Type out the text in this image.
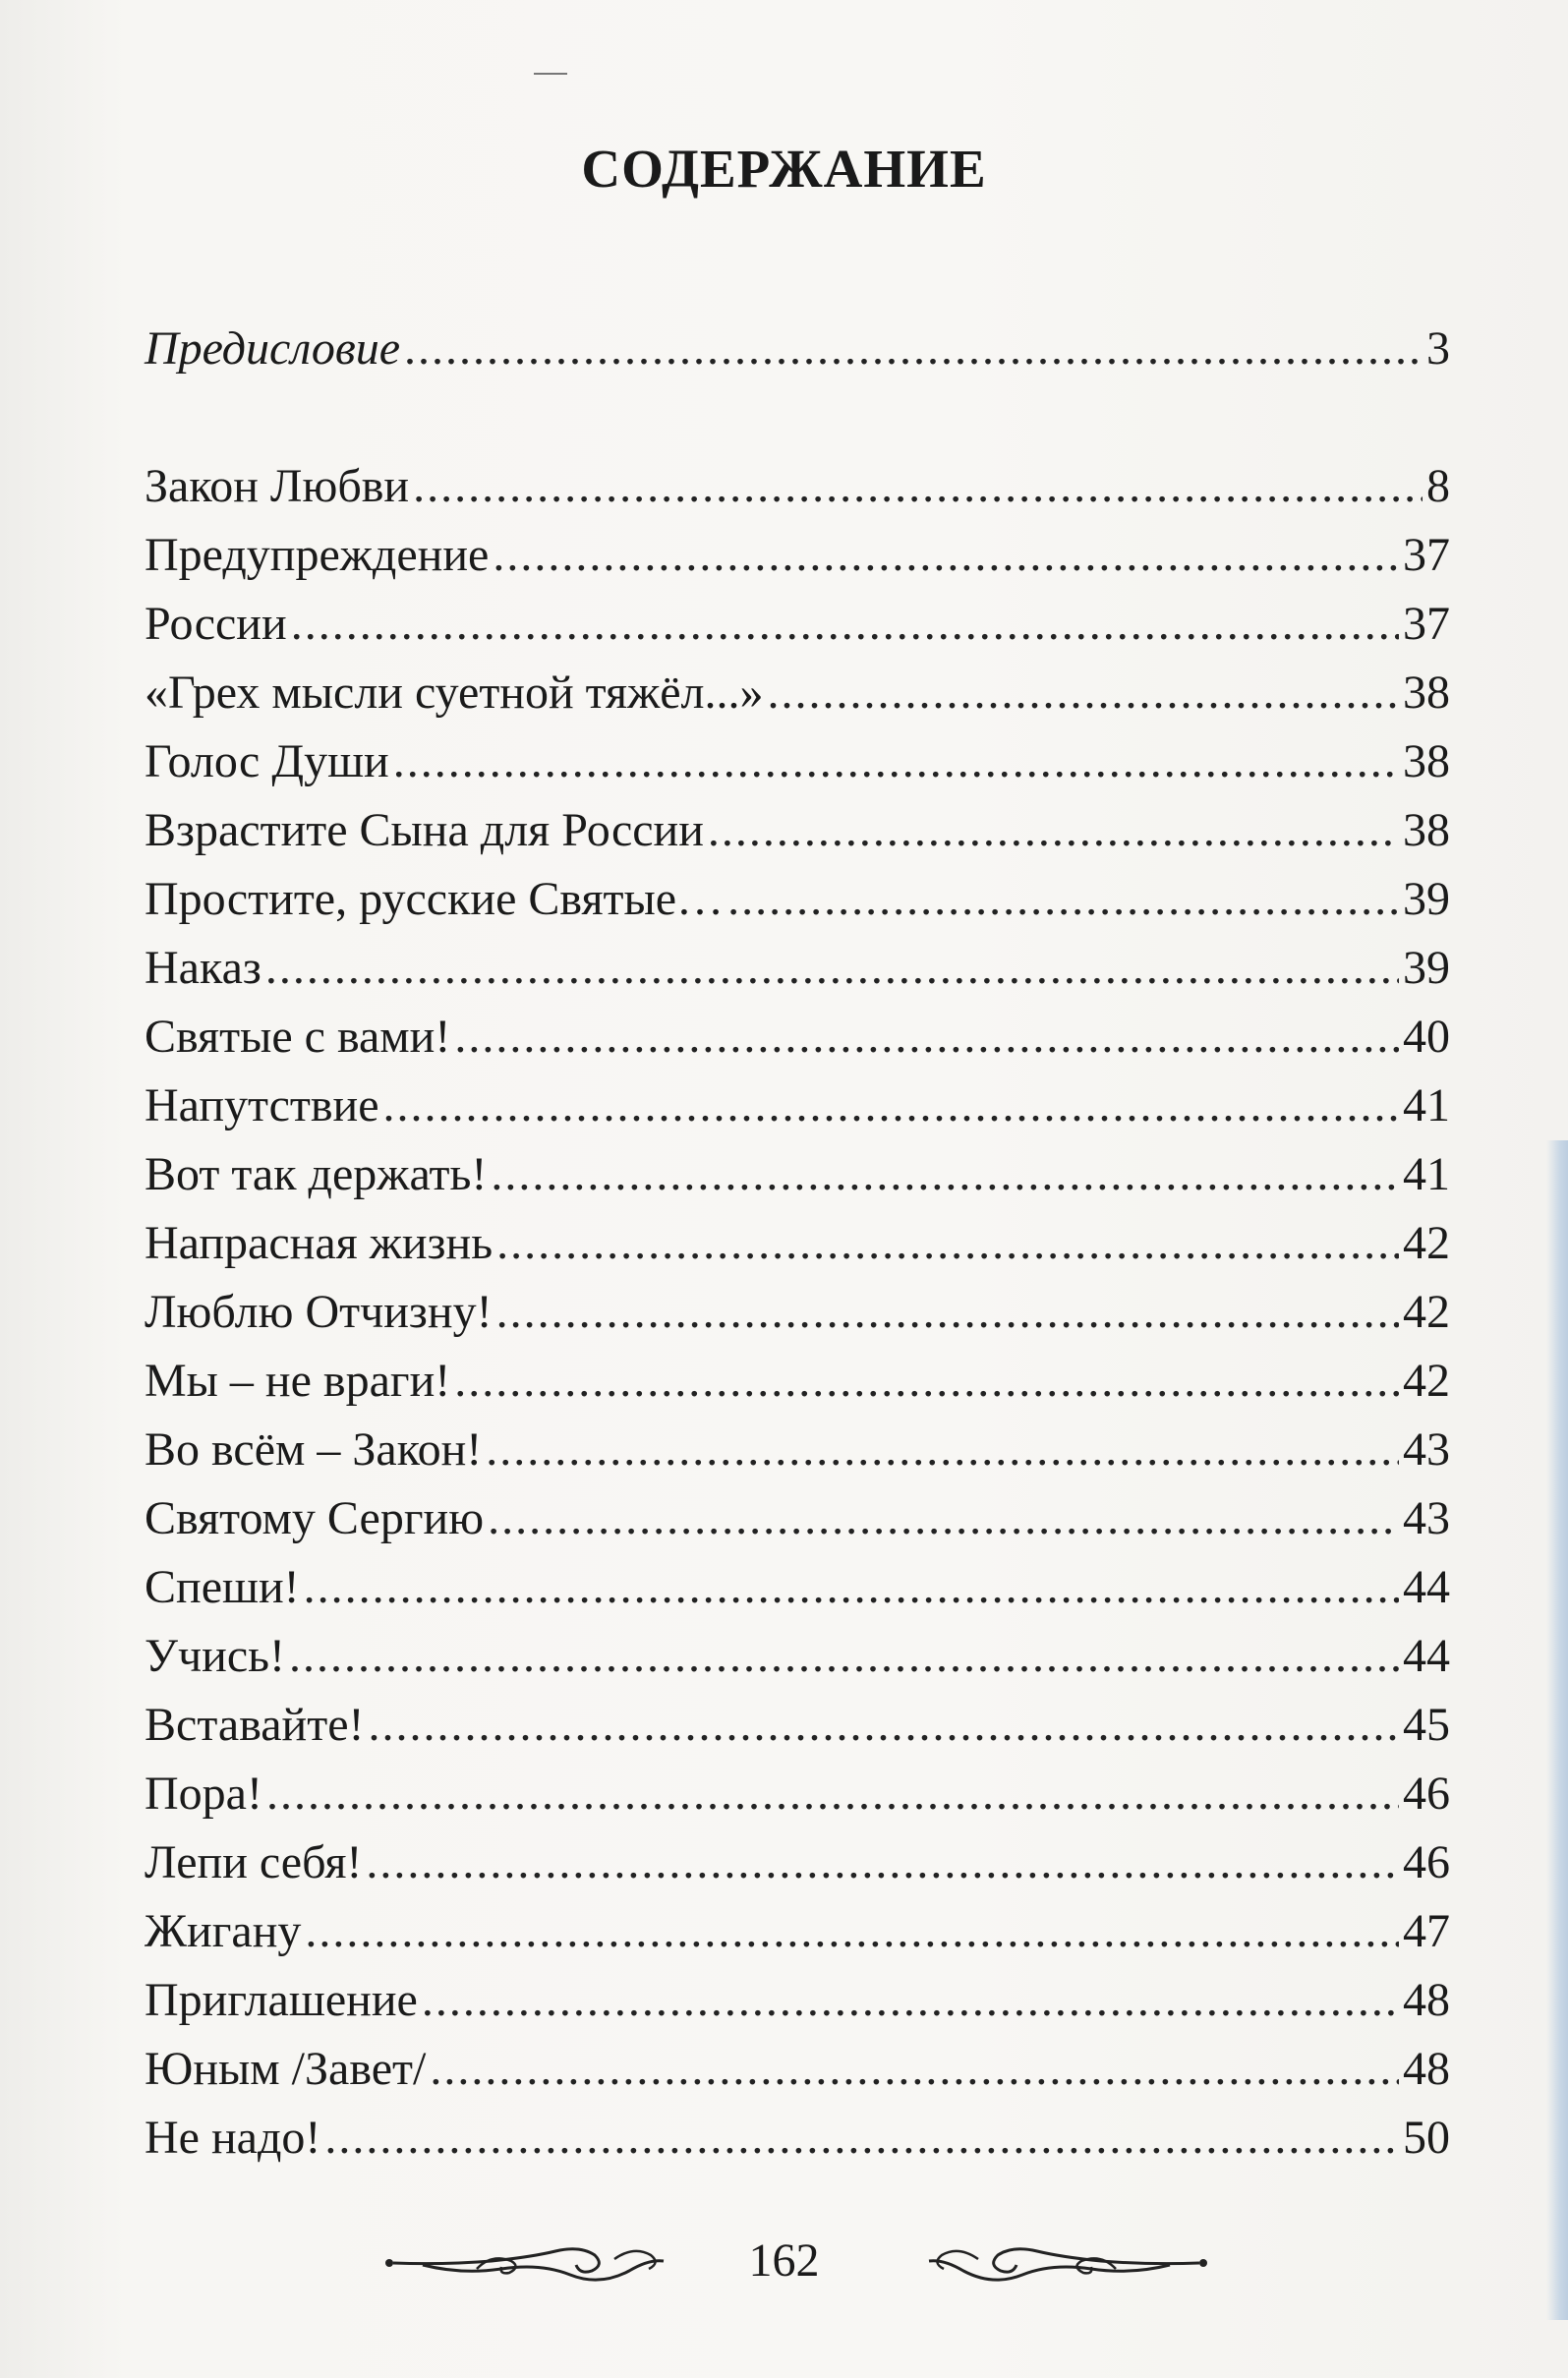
СОДЕРЖАНИЕ
Предисловие .....	3
Закон Любви .....	8
Предупреждение .....	37
России .....	37
«Грех мысли суетной тяжёл...» .....	38
Голос Души .....	38
Взрастите Сына для России .....	38
Простите, русские Святые… .....	39
Наказ .....	39
Святые с вами! .....	40
Напутствие .....	41
Вот так держать! .....	41
Напрасная жизнь .....	42
Люблю Отчизну! .....	42
Мы – не враги! .....	42
Во всём – Закон! .....	43
Святому Сергию .....	43
Спеши! .....	44
Учись! .....	44
Вставайте! .....	45
Пора! .....	46
Лепи себя! .....	46
Жигану .....	47
Приглашение .....	48
Юным /Завет/ .....	48
Не надо! .....	50
162
